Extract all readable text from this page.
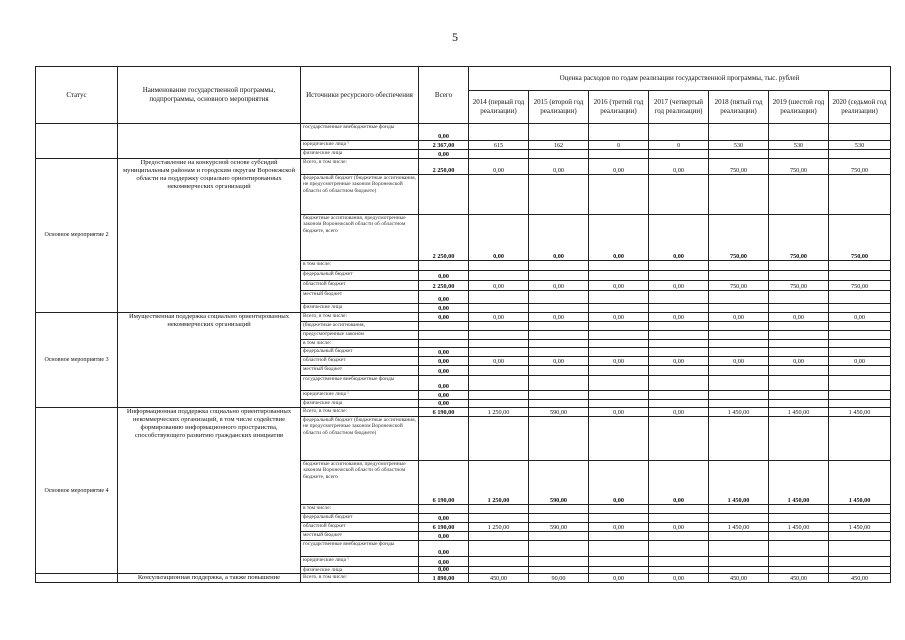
5
Статус	Наименование государственной программы, подпрограммы, основного мероприятия	Источники ресурсного обеспечения	Всего	Оценка расходов по годам реализации государственной программы, тыс. рублей						
				2014 (первый год реализации)	2015 (второй год реализации)	2016 (третий год реализации)	2017 (четвертый год реализации)	2018 (пятый год реализации)	2019 (шестой год реализации)	2020 (седьмой год реализации)
		государственные внебюджетные фонды	0,00							
		юридические лица ¹	2 367,00	615	162	0	0	530	530	530
		физические лица	0,00							
Основное мероприятие 2	Предоставление на конкурсной основе субсидий муниципальным районам и городским округам Воронежской области на поддержку социально ориентированных некоммерческих организаций	Всего, в том числе:	2 250,00	0,00	0,00	0,00	0,00	750,00	750,00	750,00
		федеральный бюджет (бюджетные ассигнования, не предусмотренные законом Воронежской области об областном бюджете)								
		бюджетные ассигнования, предусмотренные законом Воронежской области об областном бюджете, всего	2 250,00	0,00	0,00	0,00	0,00	750,00	750,00	750,00
		в том числе:								
		федеральный бюджет	0,00							
		областной бюджет	2 250,00	0,00	0,00	0,00	0,00	750,00	750,00	750,00
		местный бюджет	0,00							
		физические лица	0,00							
Основное мероприятие 3	Имущественная поддержка социально ориентированных некоммерческих организаций	Всего, в том числе:	0,00	0,00	0,00	0,00	0,00	0,00	0,00	0,00
		(бюджетные ассигнования,								
		предусмотренные законом								
		в том числе:								
		федеральный бюджет	0,00							
		областной бюджет	0,00	0,00	0,00	0,00	0,00	0,00	0,00	0,00
		местный бюджет	0,00							
		государственные внебюджетные фонды	0,00							
		юридические лица ¹	0,00							
		физические лица	0,00							
Основное мероприятие 4	Информационная поддержка социально ориентированных некоммерческих организаций, в том числе содействие формированию информационного пространства, способствующего развитию гражданских инициатив	Всего, в том числе:	6 190,00	1 250,00	590,00	0,00	0,00	1 450,00	1 450,00	1 450,00
		федеральный бюджет (бюджетные ассигнования, не предусмотренные законом Воронежской области об областном бюджете)								
		бюджетные ассигнования, предусмотренные законом Воронежской области об областном бюджете, всего	6 190,00	1 250,00	590,00	0,00	0,00	1 450,00	1 450,00	1 450,00
		в том числе:								
		федеральный бюджет	0,00							
		областной бюджет	6 190,00	1 250,00	590,00	0,00	0,00	1 450,00	1 450,00	1 450,00
		местный бюджет	0,00							
		государственные внебюджетные фонды	0,00							
		юридические лица ¹	0,00							
		физические лица	0,00							
	Консультационная поддержка, а также повышение	Всего, в том числе:	1 890,00	450,00	90,00	0,00	0,00	450,00	450,00	450,00
